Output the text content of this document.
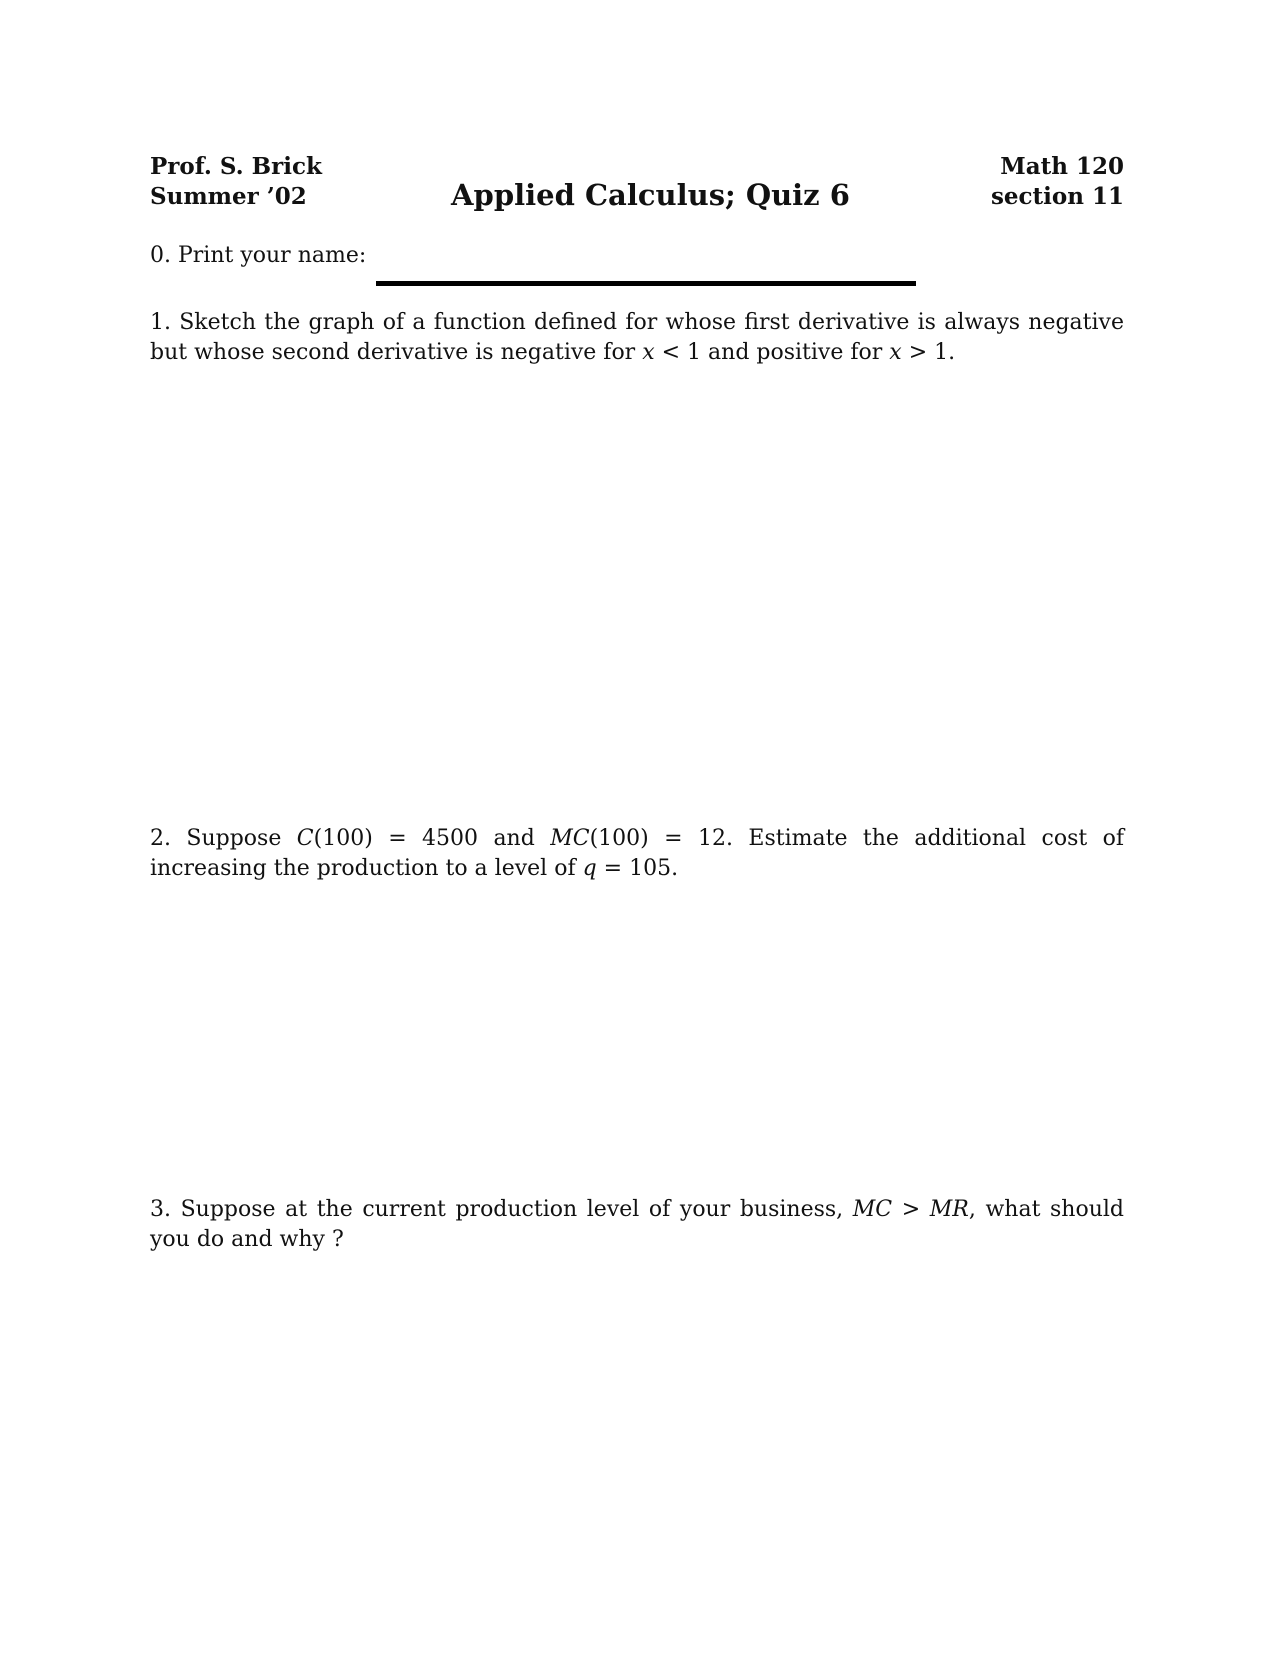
Prof. S. Brick
Summer ’02	Applied Calculus; Quiz 6
Math 120
section 11
0. Print your name:
1. Sketch the graph of a function defined for whose first derivative is always negative but whose second derivative is negative for x < 1 and positive for x > 1.
2. Suppose C(100) = 4500 and MC(100) = 12. Estimate the additional cost of increasing the production to a level of q = 105.
3. Suppose at the current production level of your business, MC > MR, what should you do and why ?
